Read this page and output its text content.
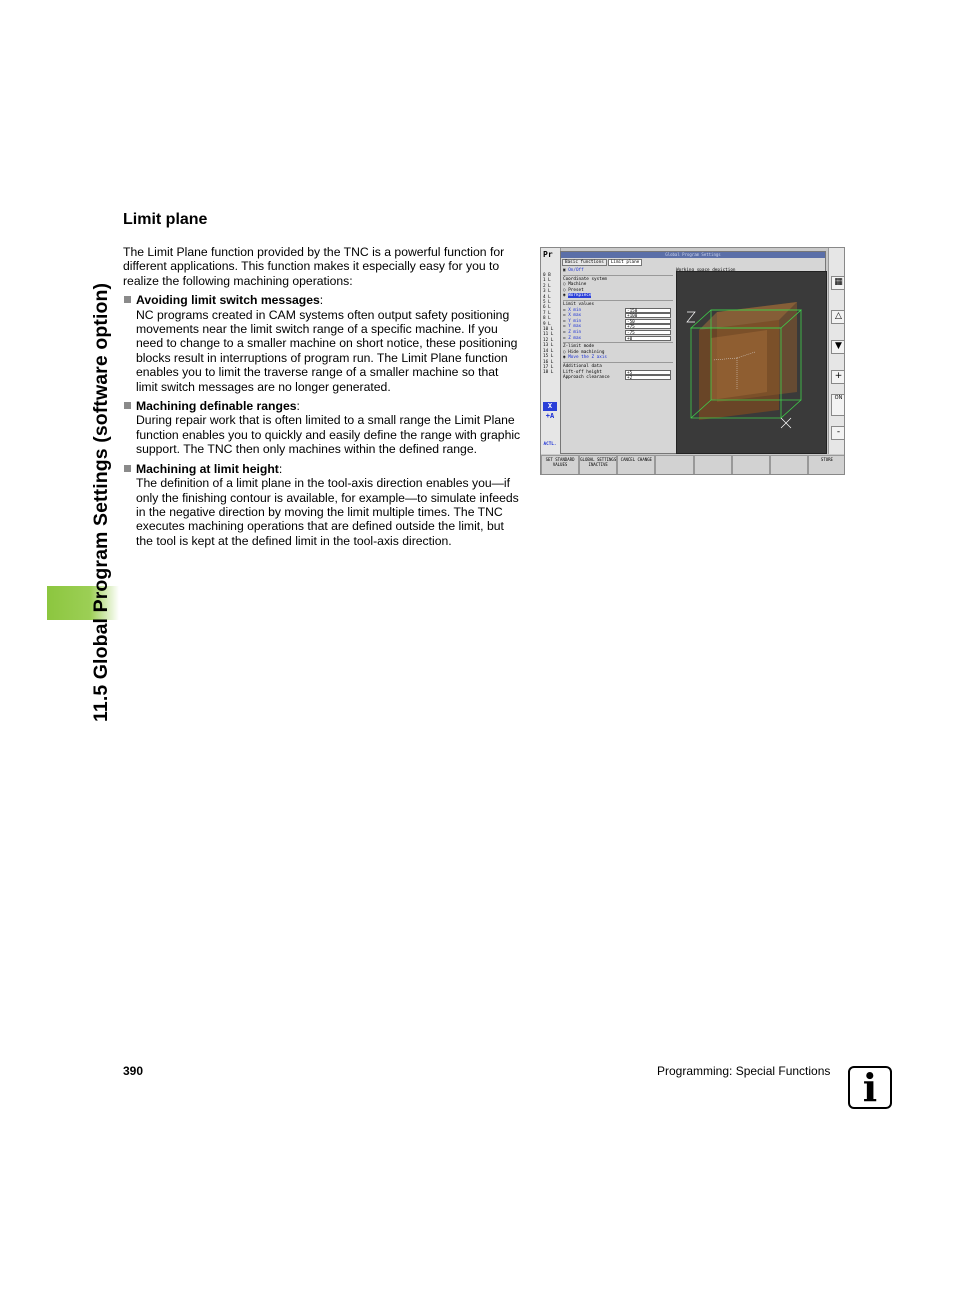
11.5 Global Program Settings (software option)
Limit plane

The Limit Plane function provided by the TNC is a powerful function for different applications. This function makes it especially easy for you to realize the following machining operations:

Avoiding limit switch messages:

NC programs created in CAM systems often output safety positioning movements near the limit switch range of a specific machine. If you need to change to a smaller machine on short notice, these positioning blocks result in interruptions of program run. The Limit Plane function enables you to limit the traverse range of a smaller machine so that limit switch messages are no longer generated.

Machining definable ranges:

During repair work that is often limited to a small range the Limit Plane function enables you to quickly and easily define the range with graphic support. The TNC then only machines within the defined range.

Machining at limit height:

The definition of a limit plane in the tool-axis direction enables you—if only the finishing contour is available, for example—to simulate infeeds in the negative direction by moving the limit multiple times. The TNC executes machining operations that are defined outside the limit, but the tool is kept at the defined limit in the tool-axis direction.

Pr
0 B
1 L
2 L
3 L
4 L
5 L
6 L
7 L
8 L
9 L
10 L
11 L
12 L
13 L
14 L
15 L
16 L
17 L
18 L
X
+A
ACTL.
Global Program Settings
Basic functions Limit plane
▣ On/Off
Coordinate system
○ Machine
○ Preset
◉ Workpiece
Limit values
☒ X min	-150
☒ X max	+100
☒ Y min	-50
☒ Y max	+75
☒ Z min	-75
☒ Z max	+0
Z-limit mode
○ Hide machining
◉ Move the Z axis
Additional data
Lift-off height	+5
Approach clearance	+2
▦
△
▼
+
ON
-
SET STANDARD VALUES
GLOBAL SETTINGS INACTIVE
CANCEL CHANGE	STORE
390	Programming: Special Functions i
